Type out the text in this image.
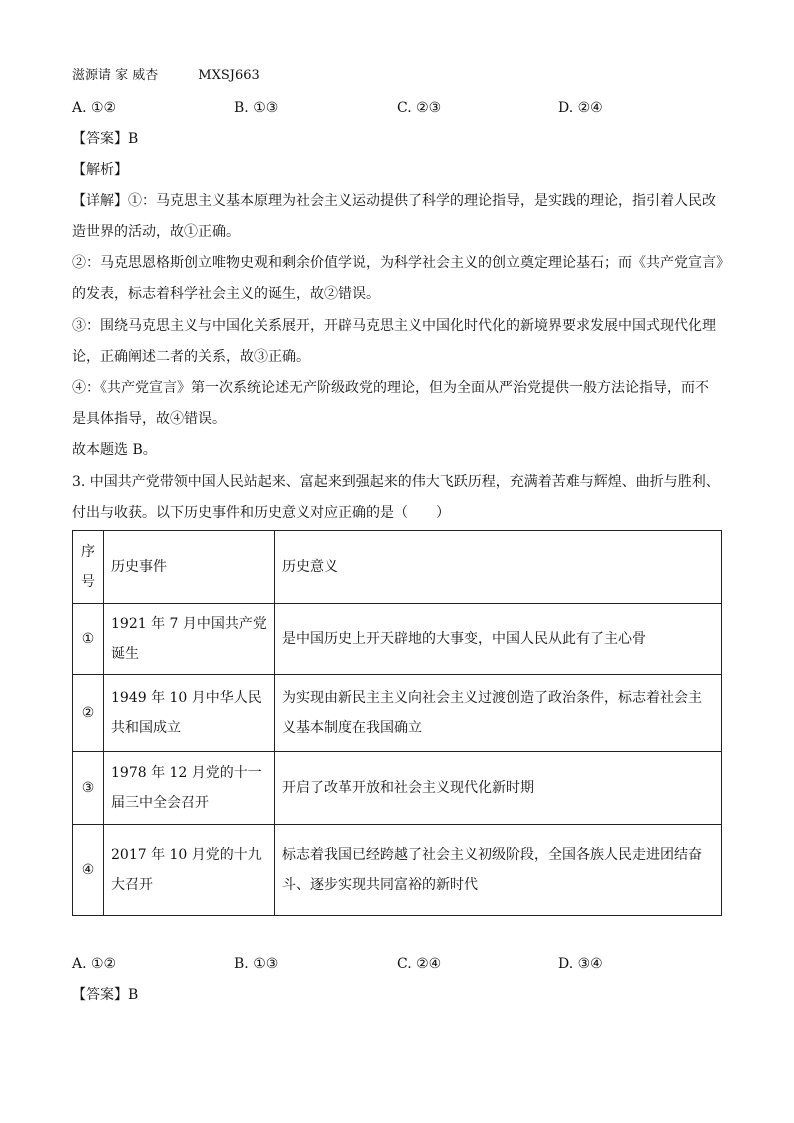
滋源请 家 威杏	MXSJ663
A. ①②	B. ①③	C. ②③	D. ②④
【答案】B
【解析】
【详解】①：马克思主义基本原理为社会主义运动提供了科学的理论指导，是实践的理论，指引着人民改
造世界的活动，故①正确。
②：马克思恩格斯创立唯物史观和剩余价值学说，为科学社会主义的创立奠定理论基石；而《共产党宣言》
的发表，标志着科学社会主义的诞生，故②错误。
③：围绕马克思主义与中国化关系展开，开辟马克思主义中国化时代化的新境界要求发展中国式现代化理
论，正确阐述二者的关系，故③正确。
④：《共产党宣言》第一次系统论述无产阶级政党的理论，但为全面从严治党提供一般方法论指导，而不
是具体指导，故④错误。
故本题选 B。
3. 中国共产党带领中国人民站起来、富起来到强起来的伟大飞跃历程，充满着苦难与辉煌、曲折与胜利、
付出与收获。以下历史事件和历史意义对应正确的是（　　）
序号	历史事件	历史意义
①	1921 年 7 月中国共产党诞生	是中国历史上开天辟地的大事变，中国人民从此有了主心骨
②	1949 年 10 月中华人民共和国成立	为实现由新民主主义向社会主义过渡创造了政治条件，标志着社会主义基本制度在我国确立
③	1978 年 12 月党的十一届三中全会召开	开启了改革开放和社会主义现代化新时期
④	2017 年 10 月党的十九大召开	标志着我国已经跨越了社会主义初级阶段，全国各族人民走进团结奋斗、逐步实现共同富裕的新时代
A. ①②	B. ①③	C. ②④	D. ③④
【答案】B
